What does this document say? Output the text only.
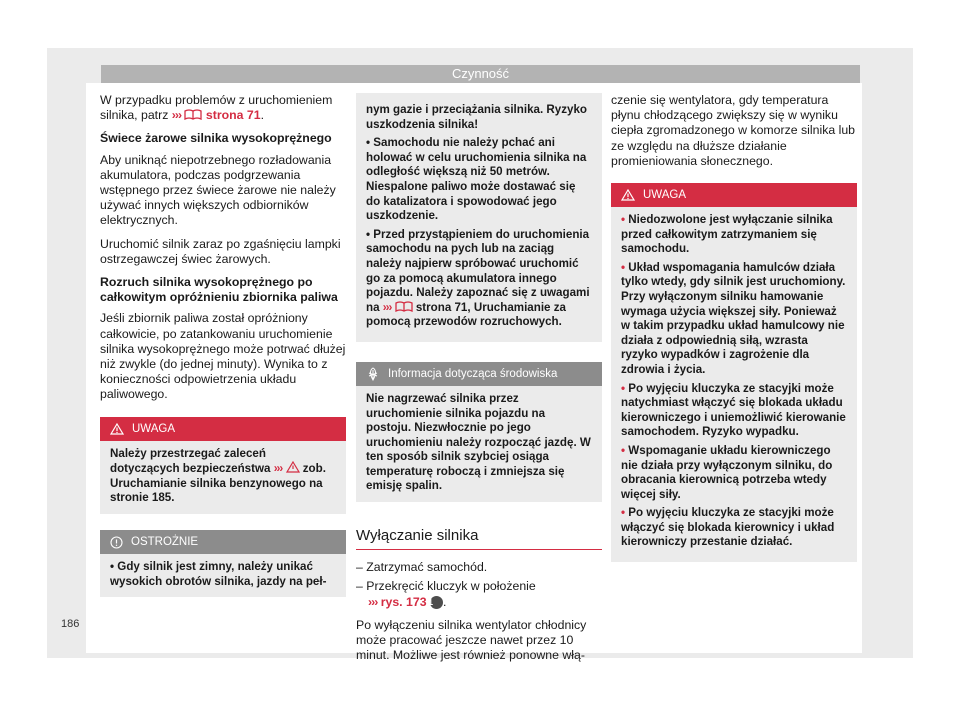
Czynność

W przypadku problemów z uruchomieniem silnika, patrz ››› strona 71.

Świece żarowe silnika wysokoprężnego

Aby uniknąć niepotrzebnego rozładowania akumulatora, podczas podgrzewania wstępnego przez świece żarowe nie należy używać innych większych odbiorników elektrycznych.

Uruchomić silnik zaraz po zgaśnięciu lampki ostrzegawczej świec żarowych.

Rozruch silnika wysokoprężnego po całkowitym opróżnieniu zbiornika paliwa

Jeśli zbiornik paliwa został opróżniony całkowicie, po zatankowaniu uruchomienie silnika wysokoprężnego może potrwać dłużej niż zwykle (do jednej minuty). Wynika to z konieczności odpowietrzenia układu paliwowego.

UWAGA
Należy przestrzegać zaleceń dotyczących bezpieczeństwa ››› zob. Uruchamianie silnika benzynowego na stronie 185.
OSTROŻNIE
• Gdy silnik jest zimny, należy unikać wysokich obrotów silnika, jazdy na peł-

nym gazie i przeciążania silnika. Ryzyko uszkodzenia silnika!

• Samochodu nie należy pchać ani holować w celu uruchomienia silnika na odległość większą niż 50 metrów. Niespalone paliwo może dostawać się do katalizatora i spowodować jego uszkodzenie.

• Przed przystąpieniem do uruchomienia samochodu na pych lub na zaciąg należy najpierw spróbować uruchomić go za pomocą akumulatora innego pojazdu. Należy zapoznać się z uwagami na ››› strona 71, Uruchamianie za pomocą przewodów rozruchowych.

Informacja dotycząca środowiska
Nie nagrzewać silnika przez uruchomienie silnika pojazdu na postoju. Niezwłocznie po jego uruchomieniu należy rozpocząć jazdę. W ten sposób silnik szybciej osiąga temperaturę roboczą i zmniejsza się emisję spalin.
Wyłączanie silnika

– Zatrzymać samochód.

– Przekręcić kluczyk w położenie
››› rys. 173 1 .

Po wyłączeniu silnika wentylator chłodnicy może pracować jeszcze nawet przez 10 minut. Możliwe jest również ponowne włą-

czenie się wentylatora, gdy temperatura płynu chłodzącego zwiększy się w wyniku ciepła zgromadzonego w komorze silnika lub ze względu na dłuższe działanie promieniowania słonecznego.

UWAGA

• Niedozwolone jest wyłączanie silnika przed całkowitym zatrzymaniem się samochodu.

• Układ wspomagania hamulców działa tylko wtedy, gdy silnik jest uruchomiony. Przy wyłączonym silniku hamowanie wymaga użycia większej siły. Ponieważ w takim przypadku układ hamulcowy nie działa z odpowiednią siłą, wzrasta ryzyko wypadków i zagrożenie dla zdrowia i życia.

• Po wyjęciu kluczyka ze stacyjki może natychmiast włączyć się blokada układu kierowniczego i uniemożliwić kierowanie samochodem. Ryzyko wypadku.

• Wspomaganie układu kierowniczego nie działa przy wyłączonym silniku, do obracania kierownicą potrzeba wtedy więcej siły.

• Po wyjęciu kluczyka ze stacyjki może włączyć się blokada kierownicy i układ kierowniczy przestanie działać.

186
